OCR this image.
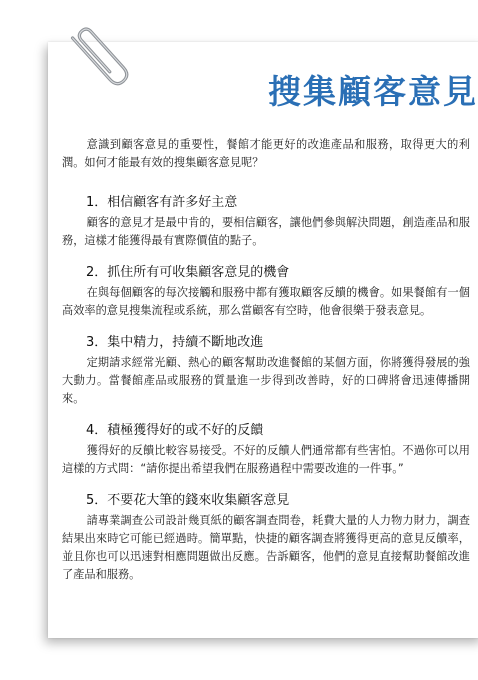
搜集顧客意見

意識到顧客意見的重要性，餐館才能更好的改進產品和服務，取得更大的利潤。如何才能最有效的搜集顧客意見呢？

1．相信顧客有許多好主意

顧客的意見才是最中肯的，要相信顧客，讓他們參與解決問題，創造產品和服務，這樣才能獲得最有實際價值的點子。

2．抓住所有可收集顧客意見的機會

在與每個顧客的每次接觸和服務中都有獲取顧客反饋的機會。如果餐館有一個高效率的意見搜集流程或系統，那么當顧客有空時，他會很樂于發表意見。

3．集中精力，持續不斷地改進

定期請求經常光顧、熱心的顧客幫助改進餐館的某個方面，你將獲得發展的強大動力。當餐館產品或服務的質量進一步得到改善時，好的口碑將會迅速傳播開來。

4．積極獲得好的或不好的反饋

獲得好的反饋比較容易接受。不好的反饋人們通常都有些害怕。不過你可以用這樣的方式問：“請你提出希望我們在服務過程中需要改進的一件事。”

5．不要花大筆的錢來收集顧客意見

請專業調查公司設計幾頁紙的顧客調查問卷，耗費大量的人力物力財力，調查結果出來時它可能已經過時。簡單點，快捷的顧客調查將獲得更高的意見反饋率，並且你也可以迅速對相應問題做出反應。告訴顧客，他們的意見直接幫助餐館改進了產品和服務。
